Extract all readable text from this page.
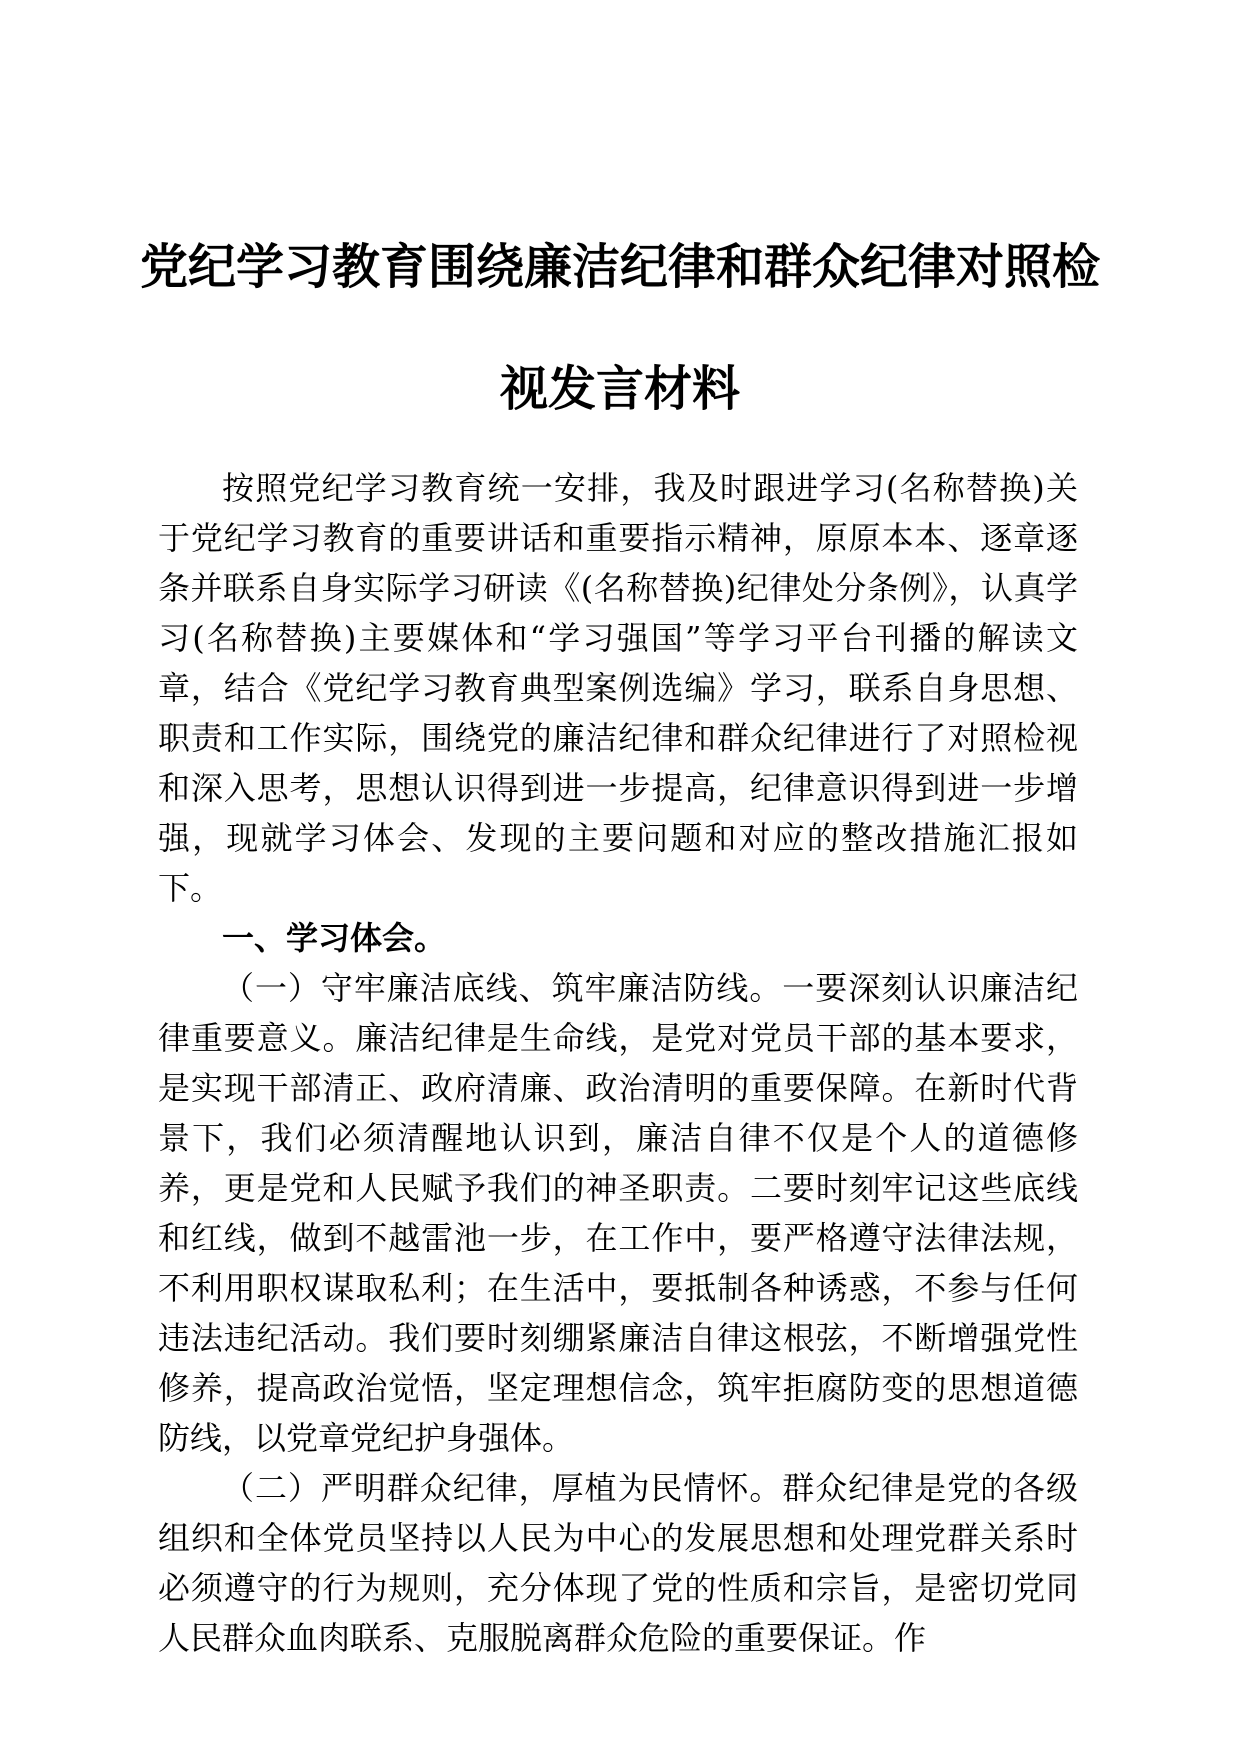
党纪学习教育围绕廉洁纪律和群众纪律对照检
视发言材料

按照党纪学习教育统一安排，我及时跟进学习(名称替换)关于党纪学习教育的重要讲话和重要指示精神，原原本本、逐章逐条并联系自身实际学习研读《(名称替换)纪律处分条例》，认真学习(名称替换)主要媒体和“学习强国”等学习平台刊播的解读文章，结合《党纪学习教育典型案例选编》学习，联系自身思想、职责和工作实际，围绕党的廉洁纪律和群众纪律进行了对照检视和深入思考，思想认识得到进一步提高，纪律意识得到进一步增强，现就学习体会、发现的主要问题和对应的整改措施汇报如下。

一、学习体会。

（一）守牢廉洁底线、筑牢廉洁防线。一要深刻认识廉洁纪律重要意义。廉洁纪律是生命线，是党对党员干部的基本要求，是实现干部清正、政府清廉、政治清明的重要保障。在新时代背景下，我们必须清醒地认识到，廉洁自律不仅是个人的道德修养，更是党和人民赋予我们的神圣职责。二要时刻牢记这些底线和红线，做到不越雷池一步，在工作中，要严格遵守法律法规，不利用职权谋取私利；在生活中，要抵制各种诱惑，不参与任何违法违纪活动。我们要时刻绷紧廉洁自律这根弦，不断增强党性修养，提高政治觉悟，坚定理想信念，筑牢拒腐防变的思想道德防线，以党章党纪护身强体。

（二）严明群众纪律，厚植为民情怀。群众纪律是党的各级组织和全体党员坚持以人民为中心的发展思想和处理党群关系时必须遵守的行为规则，充分体现了党的性质和宗旨，是密切党同人民群众血肉联系、克服脱离群众危险的重要保证。作
